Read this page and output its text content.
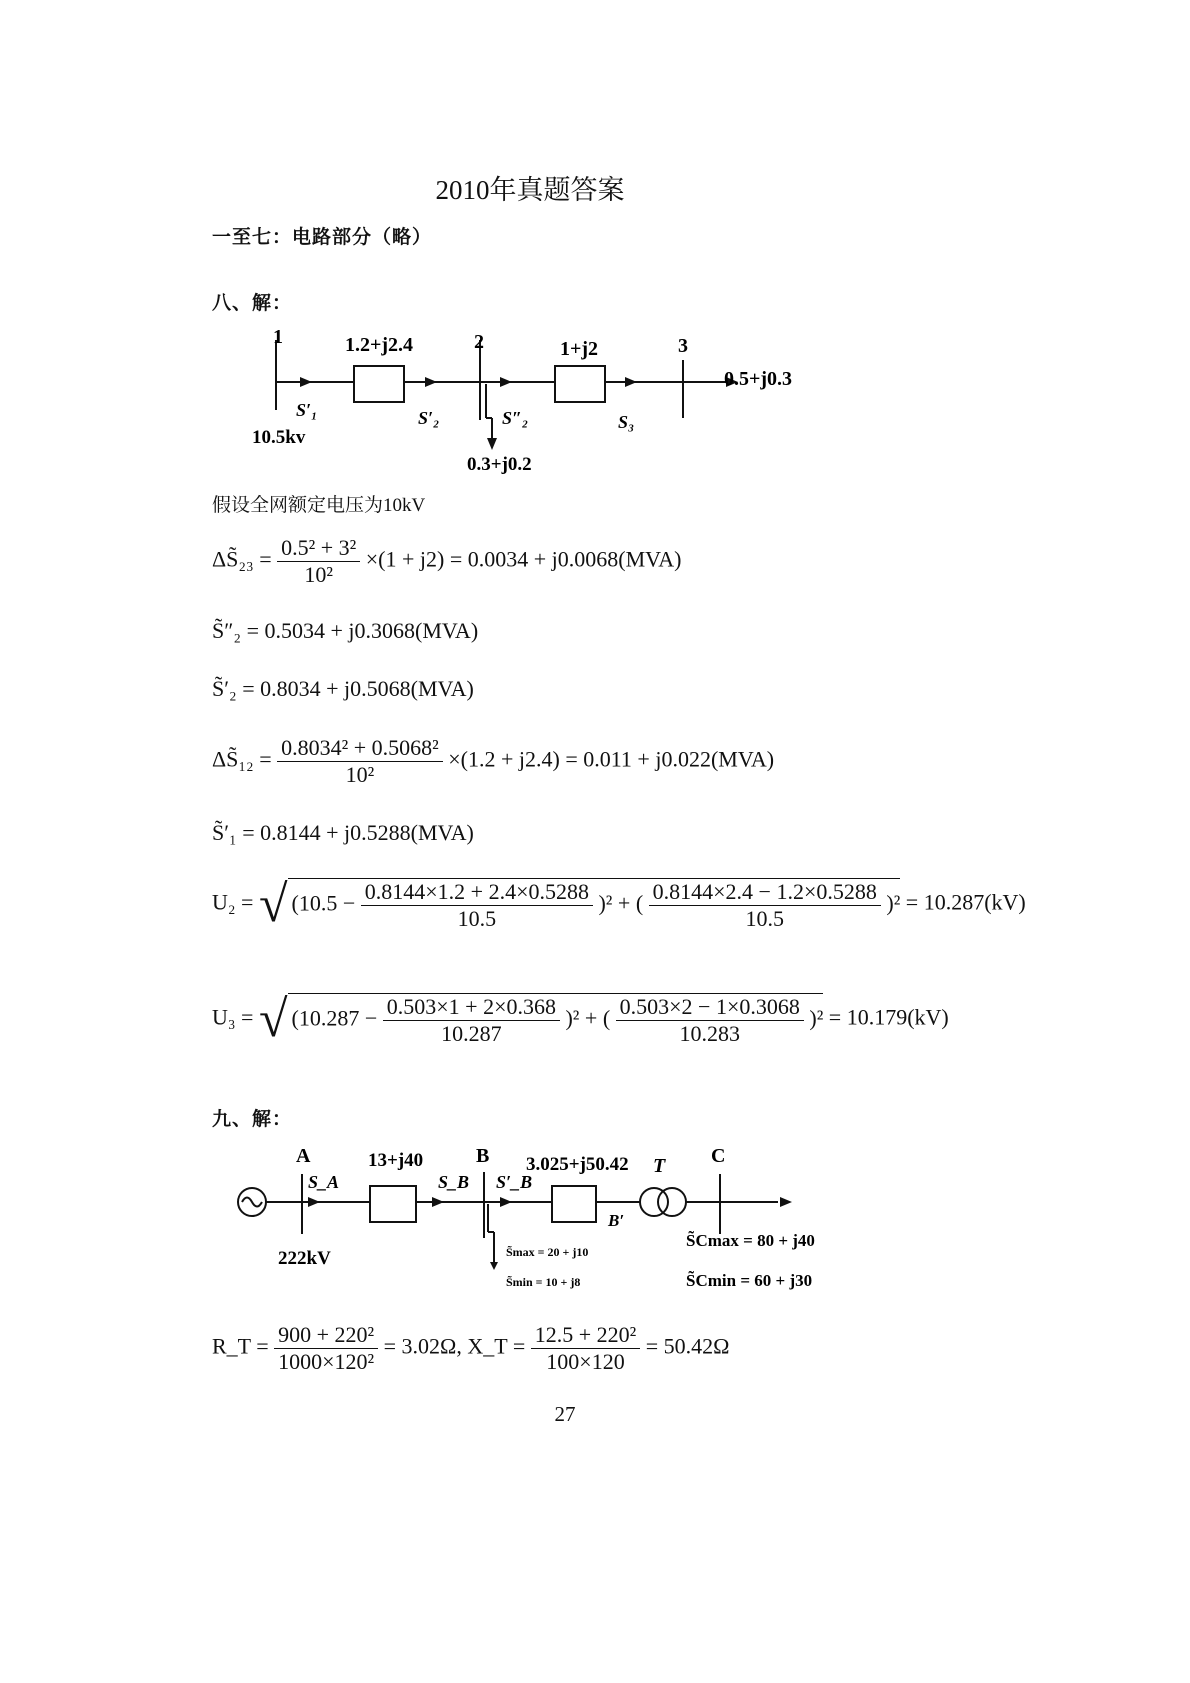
2010年真题答案
一至七：电路部分（略）
八、解：
1	2	3
1.2+j2.4	1+j2
0.5+j0.3
0.3+j0.2
10.5kv
S′₁	S′₂	S″₂	S₃
假设全网额定电压为10kV
ΔS̃₂₃ = $\frac{\text{0.5² + 3²}}{\text{10²}} \times(1 + j2) = 0.0034 + j0.0068(MVA)$
S̃″₂ = 0.5034 + j0.3068(MVA)
S̃′₂ = 0.8034 + j0.5068(MVA)
ΔS̃₁₂ = $\frac{\text{0.8034² + 0.5068²}}{\text{10²}} \times(1.2 + j2.4) = 0.011 + j0.022(MVA)$
S̃′₁ = 0.8144 + j0.5288(MVA)
U₂ = √ $(10.5 - \frac{0.8144\times 1.2 + 2.4\times 0.5288}{10.5} )^2$ + ( $\frac{0.8144\times 2.4 - 1.2\times 0.5288}{10.5} )^2 = 10.287(kV)$
U₃ = √ $(10.287 - \frac{0.503\times 1 + 2\times 0.368}{10.287} )^2$ + ( $\frac{0.503\times 2 - 1\times 0.3068}{10.283} )^2 = 10.179(kV)$
九、解：
A	B	C
T
B′
13+j40	3.025+j50.42
S_A	S_B S′_B
222kV	S̃max = 20 + j10
S̃min = 10 + j8
S̃Cmax = 80 + j40
S̃Cmin = 60 + j30
R_T = $\frac{\text{900 + 220²}}{\text{1000×120²}} = 3.02\Omega$, X_T = $\frac{\text{12.5 + 220²}}{100\times 120} = 50.42\Omega$
27
